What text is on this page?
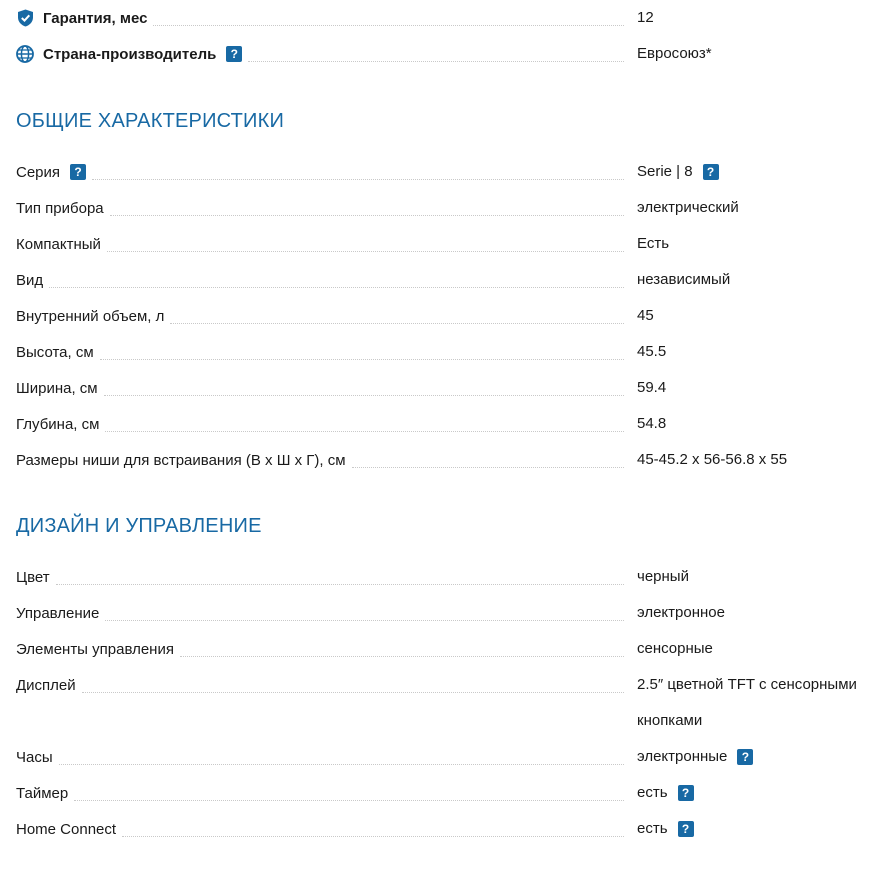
Гарантия, мес	12
Страна-производитель	?	Евросоюз*
ОБЩИЕ ХАРАКТЕРИСТИКИ
Серия	?	Serie | 8	?
Тип прибора	электрический
Компактный	Есть
Вид	независимый
Внутренний объем, л	45
Высота, см	45.5
Ширина, см	59.4
Глубина, см	54.8
Размеры ниши для встраивания (В х Ш х Г), см	45-45.2 x 56-56.8 x 55
ДИЗАЙН И УПРАВЛЕНИЕ
Цвет	черный
Управление	электронное
Элементы управления	сенсорные
Дисплей	2.5″ цветной TFT с сенсорными
кнопками
Часы	электронные	?
Таймер	есть	?
Home Connect	есть	?
